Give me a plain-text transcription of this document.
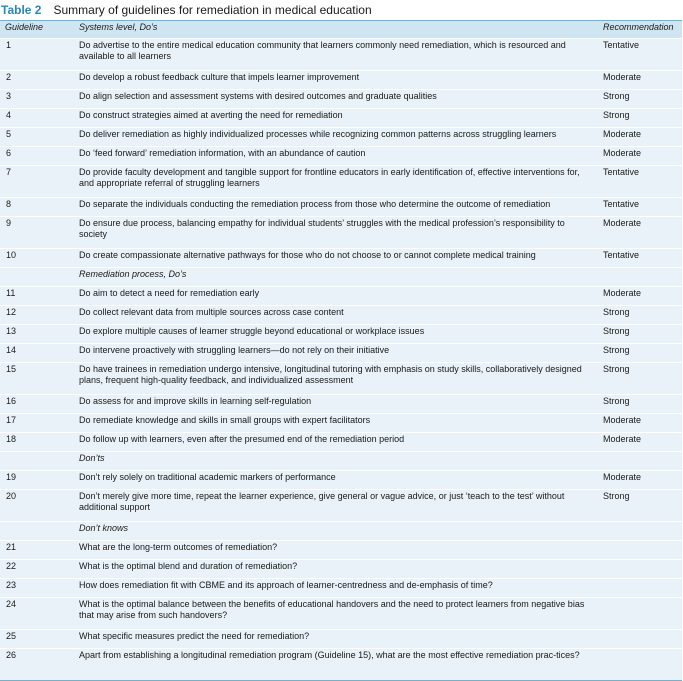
Table 2 Summary of guidelines for remediation in medical education
Guideline	Systems level, Do’s	Recommendation
1	Do advertise to the entire medical education community that learners commonly need remediation, which is resourced and available to all learners	Tentative
2	Do develop a robust feedback culture that impels learner improvement	Moderate
3	Do align selection and assessment systems with desired outcomes and graduate qualities	Strong
4	Do construct strategies aimed at averting the need for remediation	Strong
5	Do deliver remediation as highly individualized processes while recognizing common patterns across struggling learners	Moderate
6	Do ‘feed forward’ remediation information, with an abundance of caution	Moderate
7	Do provide faculty development and tangible support for frontline educators in early identification of, effective interventions for, and appropriate referral of struggling learners	Tentative
8	Do separate the individuals conducting the remediation process from those who determine the outcome of remediation	Tentative
9	Do ensure due process, balancing empathy for individual students’ struggles with the medical profession’s responsibility to society	Moderate
10	Do create compassionate alternative pathways for those who do not choose to or cannot complete medical training	Tentative
	Remediation process, Do’s	
11	Do aim to detect a need for remediation early	Moderate
12	Do collect relevant data from multiple sources across case content	Strong
13	Do explore multiple causes of learner struggle beyond educational or workplace issues	Strong
14	Do intervene proactively with struggling learners—do not rely on their initiative	Strong
15	Do have trainees in remediation undergo intensive, longitudinal tutoring with emphasis on study skills, collaboratively designed plans, frequent high-quality feedback, and individualized assessment	Strong
16	Do assess for and improve skills in learning self-regulation	Strong
17	Do remediate knowledge and skills in small groups with expert facilitators	Moderate
18	Do follow up with learners, even after the presumed end of the remediation period	Moderate
	Don’ts	
19	Don’t rely solely on traditional academic markers of performance	Moderate
20	Don’t merely give more time, repeat the learner experience, give general or vague advice, or just ‘teach to the test’ without additional support	Strong
	Don’t knows	
21	What are the long-term outcomes of remediation?	
22	What is the optimal blend and duration of remediation?	
23	How does remediation fit with CBME and its approach of learner-centredness and de-emphasis of time?	
24	What is the optimal balance between the benefits of educational handovers and the need to protect learners from negative bias that may arise from such handovers?	
25	What specific measures predict the need for remediation?	
26	Apart from establishing a longitudinal remediation program (Guideline 15), what are the most effective remediation prac-tices?	
